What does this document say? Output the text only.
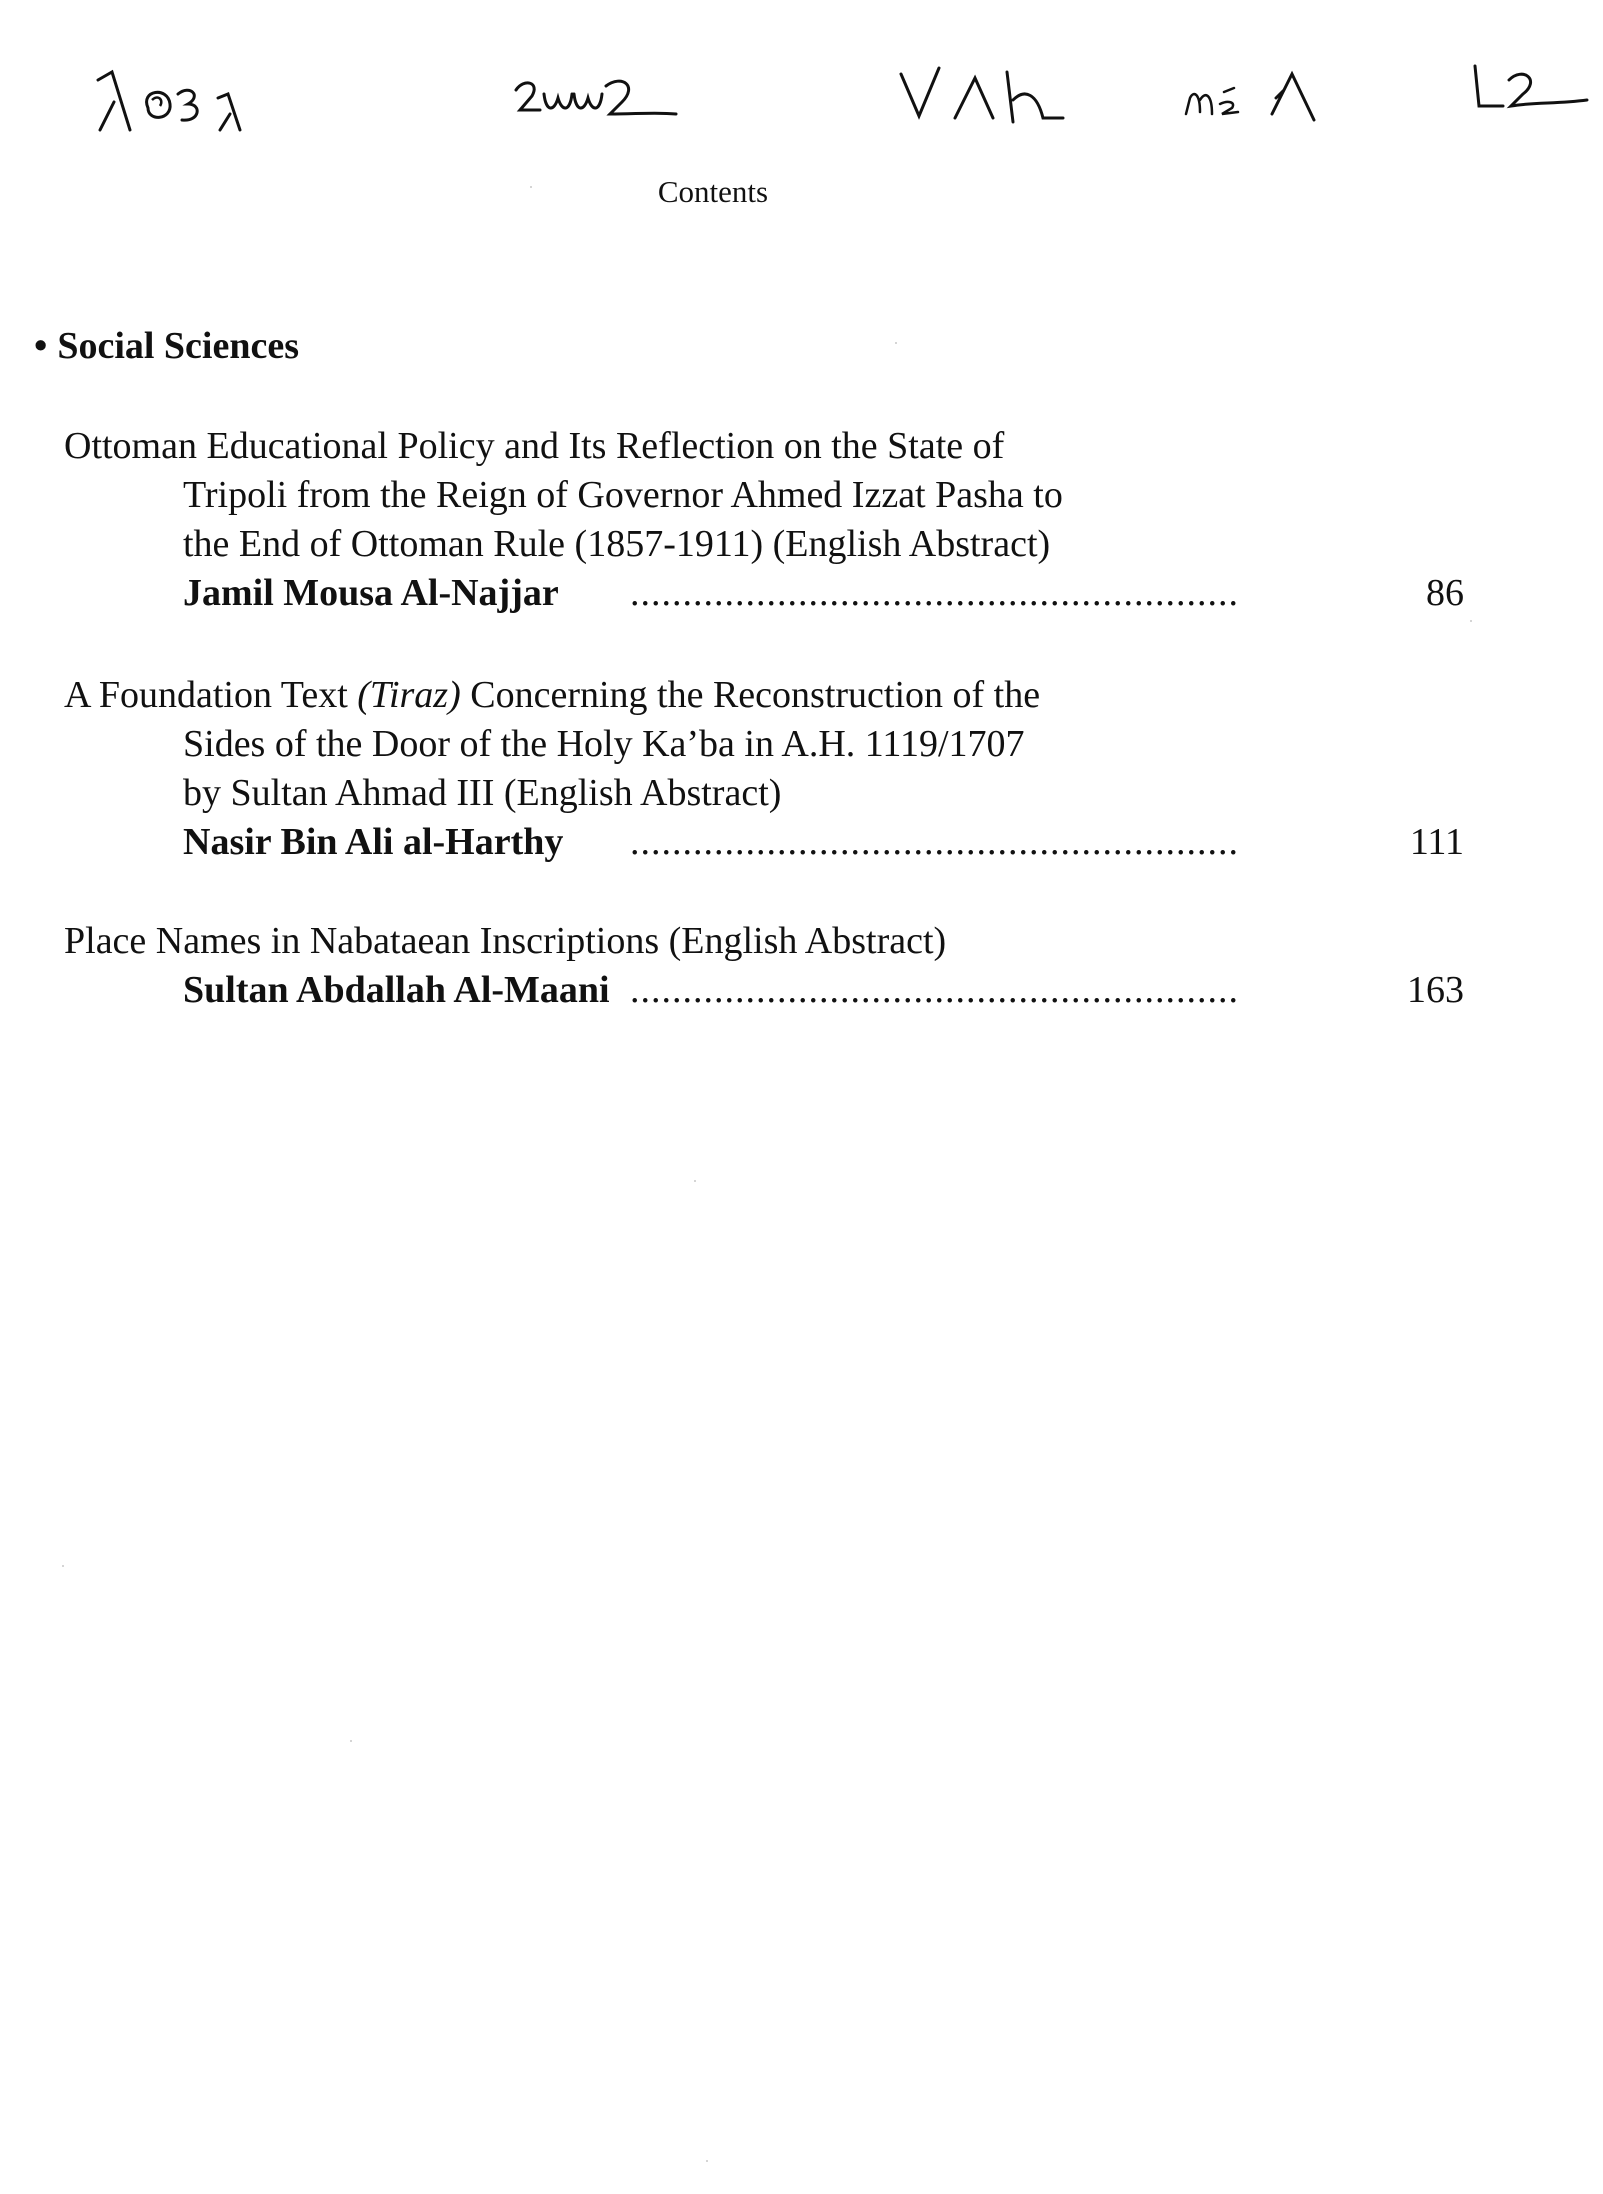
Contents
• Social Sciences
Ottoman Educational Policy and Its Reflection on the State of
Tripoli from the Reign of Governor Ahmed Izzat Pasha to
the End of Ottoman Rule (1857-1911) (English Abstract)
Jamil Mousa Al-Najjar ..........................................................	86
A Foundation Text (Tiraz) Concerning the Reconstruction of the
Sides of the Door of the Holy Ka’ba in A.H. 1119/1707
by Sultan Ahmad III (English Abstract)
Nasir Bin Ali al-Harthy ..........................................................	111
Place Names in Nabataean Inscriptions (English Abstract)
Sultan Abdallah Al-Maani ..........................................................	163
